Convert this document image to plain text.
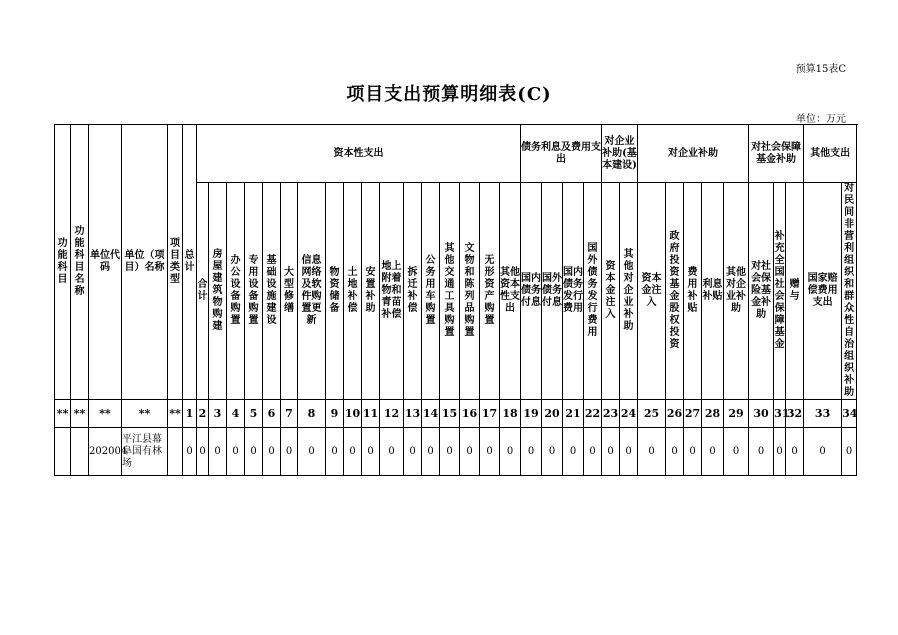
预算15表C
项目支出预算明细表(C)
单位：万元
功能科目	功能科目名称	单位代码	单位（项目）名称	项目类型	总计	资本性支出																	债务利息及费用支出				对企业补助(基本建设)		对企业补助					对社会保障基金补助			其他支出		
						合计	房屋建筑物购建	办公设备购置	专用设备购置	基础设施建设	大型修缮	信息网络及软件购置更新	物资储备	土地补偿	安置补助	地上附着物和青苗补偿	拆迁补偿	公务用车购置	其他交通工具购置	文物和陈列品购置	无形资产购置	其他资本性支出	国内债务付息	国外债务付息	国内债务发行费用	国外债务发行费用	资本金注入	其他对企业补助	资本金注入	政府投资基金股权投资	费用补贴	利息补贴	其他对企业补助	对社会保险基金补助	补充全国社会保障基金	赠与	国家赔偿费用支出	对民间非营利组织和群众性自治组织补助	
**	**	**	**	**	1	2	3	4	5	6	7	8	9	10	11	12	13	14	15	16	17	18	19	20	21	22	23	24	25	26	27	28	29	30	31	32	33	34	
		202004	平江县幕阜国有林场		0	0	0	0	0	0	0	0	0	0	0	0	0	0	0	0	0	0	0	0	0	0	0	0	0	0	0	0	0	0	0	0	0	0	
